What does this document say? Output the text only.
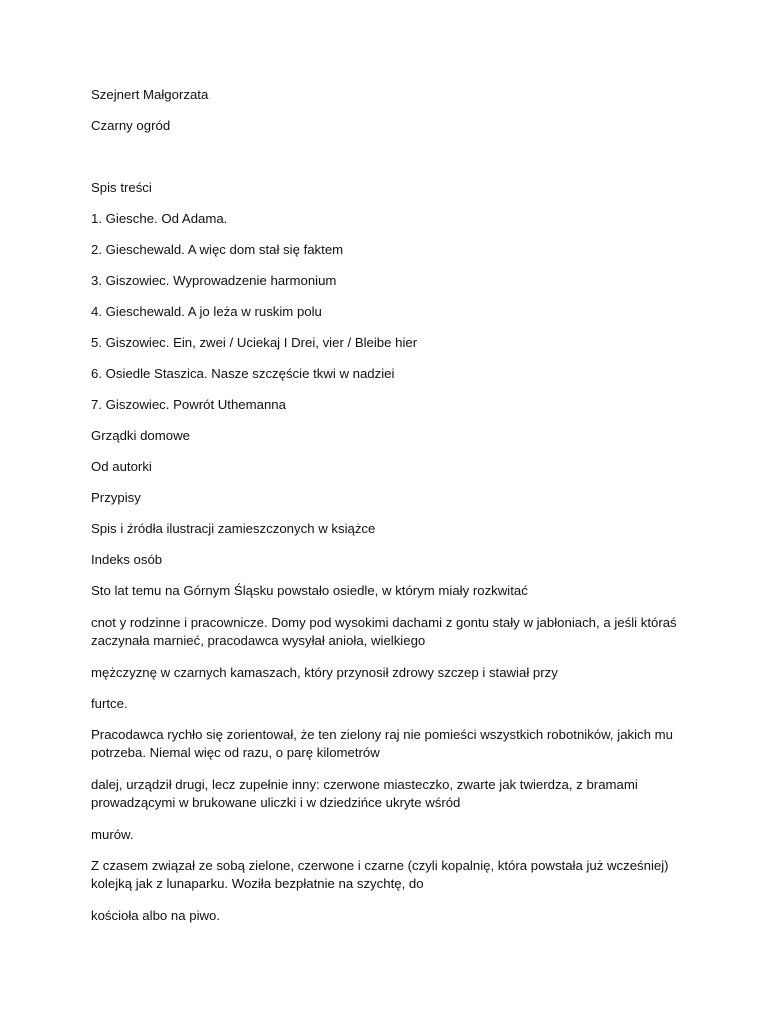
Szejnert Małgorzata

Czarny ogród

Spis treści

1. Giesche. Od Adama.

2. Gieschewald. A więc dom stał się faktem

3. Giszowiec. Wyprowadzenie harmonium

4. Gieschewald. A jo leża w ruskim polu

5. Giszowiec. Ein, zwei / Uciekaj I Drei, vier / Bleibe hier

6. Osiedle Staszica. Nasze szczęście tkwi w nadziei

7. Giszowiec. Powrót Uthemanna

Grządki domowe

Od autorki

Przypisy

Spis i źródła ilustracji zamieszczonych w książce

Indeks osób

Sto lat temu na Górnym Śląsku powstało osiedle, w którym miały rozkwitać

cnot y rodzinne i pracownicze. Domy pod wysokimi dachami z gontu stały w jabłoniach, a jeśli któraś zaczynała marnieć, pracodawca wysyłał anioła, wielkiego

mężczyznę w czarnych kamaszach, który przynosił zdrowy szczep i stawiał przy

furtce.

Pracodawca rychło się zorientował, że ten zielony raj nie pomieści wszystkich robotników, jakich mu potrzeba. Niemal więc od razu, o parę kilometrów

dalej, urządził drugi, lecz zupełnie inny: czerwone miasteczko, zwarte jak twierdza, z bramami prowadzącymi w brukowane uliczki i w dziedzińce ukryte wśród

murów.

Z czasem związał ze sobą zielone, czerwone i czarne (czyli kopalnię, która powstała już wcześniej) kolejką jak z lunaparku. Woziła bezpłatnie na szychtę, do

kościoła albo na piwo.
